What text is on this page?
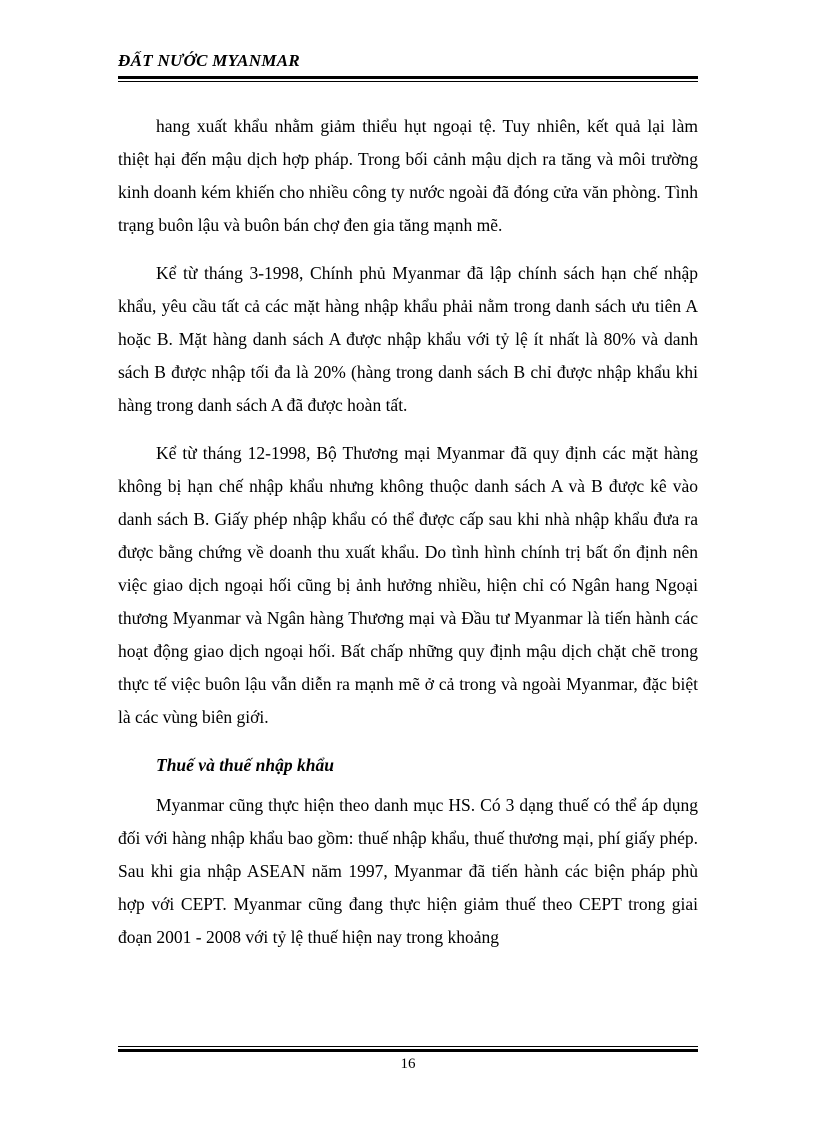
ĐẤT NƯỚC MYANMAR

hang xuất khẩu nhằm giảm thiểu hụt ngoại tệ. Tuy nhiên, kết quả lại làm thiệt hại đến mậu dịch hợp pháp. Trong bối cảnh mậu dịch ra tăng và môi trường kinh doanh kém khiến cho nhiều công ty nước ngoài đã đóng cửa văn phòng. Tình trạng buôn lậu và buôn bán chợ đen gia tăng mạnh mẽ.

Kể từ tháng 3-1998, Chính phủ Myanmar đã lập chính sách hạn chế nhập khẩu, yêu cầu tất cả các mặt hàng nhập khẩu phải nằm trong danh sách ưu tiên A hoặc B. Mặt hàng danh sách A được nhập khẩu với tỷ lệ ít nhất là 80% và danh sách B được nhập tối đa là 20% (hàng trong danh sách B chỉ được nhập khẩu khi hàng trong danh sách A đã được hoàn tất.

Kể từ tháng 12-1998, Bộ Thương mại Myanmar đã quy định các mặt hàng không bị hạn chế nhập khẩu nhưng không thuộc danh sách A và B được kê vào danh sách B. Giấy phép nhập khẩu có thể được cấp sau khi nhà nhập khẩu đưa ra được bằng chứng về doanh thu xuất khẩu. Do tình hình chính trị bất ổn định nên việc giao dịch ngoại hối cũng bị ảnh hưởng nhiều, hiện chỉ có Ngân hang Ngoại thương Myanmar và Ngân hàng Thương mại và Đầu tư Myanmar là tiến hành các hoạt động giao dịch ngoại hối. Bất chấp những quy định mậu dịch chặt chẽ trong thực tế việc buôn lậu vẫn diễn ra mạnh mẽ ở cả trong và ngoài Myanmar, đặc biệt là các vùng biên giới.

Thuế và thuế nhập khẩu

Myanmar cũng thực hiện theo danh mục HS. Có 3 dạng thuế có thể áp dụng đối với hàng nhập khẩu bao gồm: thuế nhập khẩu, thuế thương mại, phí giấy phép. Sau khi gia nhập ASEAN năm 1997, Myanmar đã tiến hành các biện pháp phù hợp với CEPT. Myanmar cũng đang thực hiện giảm thuế theo CEPT trong giai đoạn 2001 - 2008 với tỷ lệ thuế hiện nay trong khoảng

16
